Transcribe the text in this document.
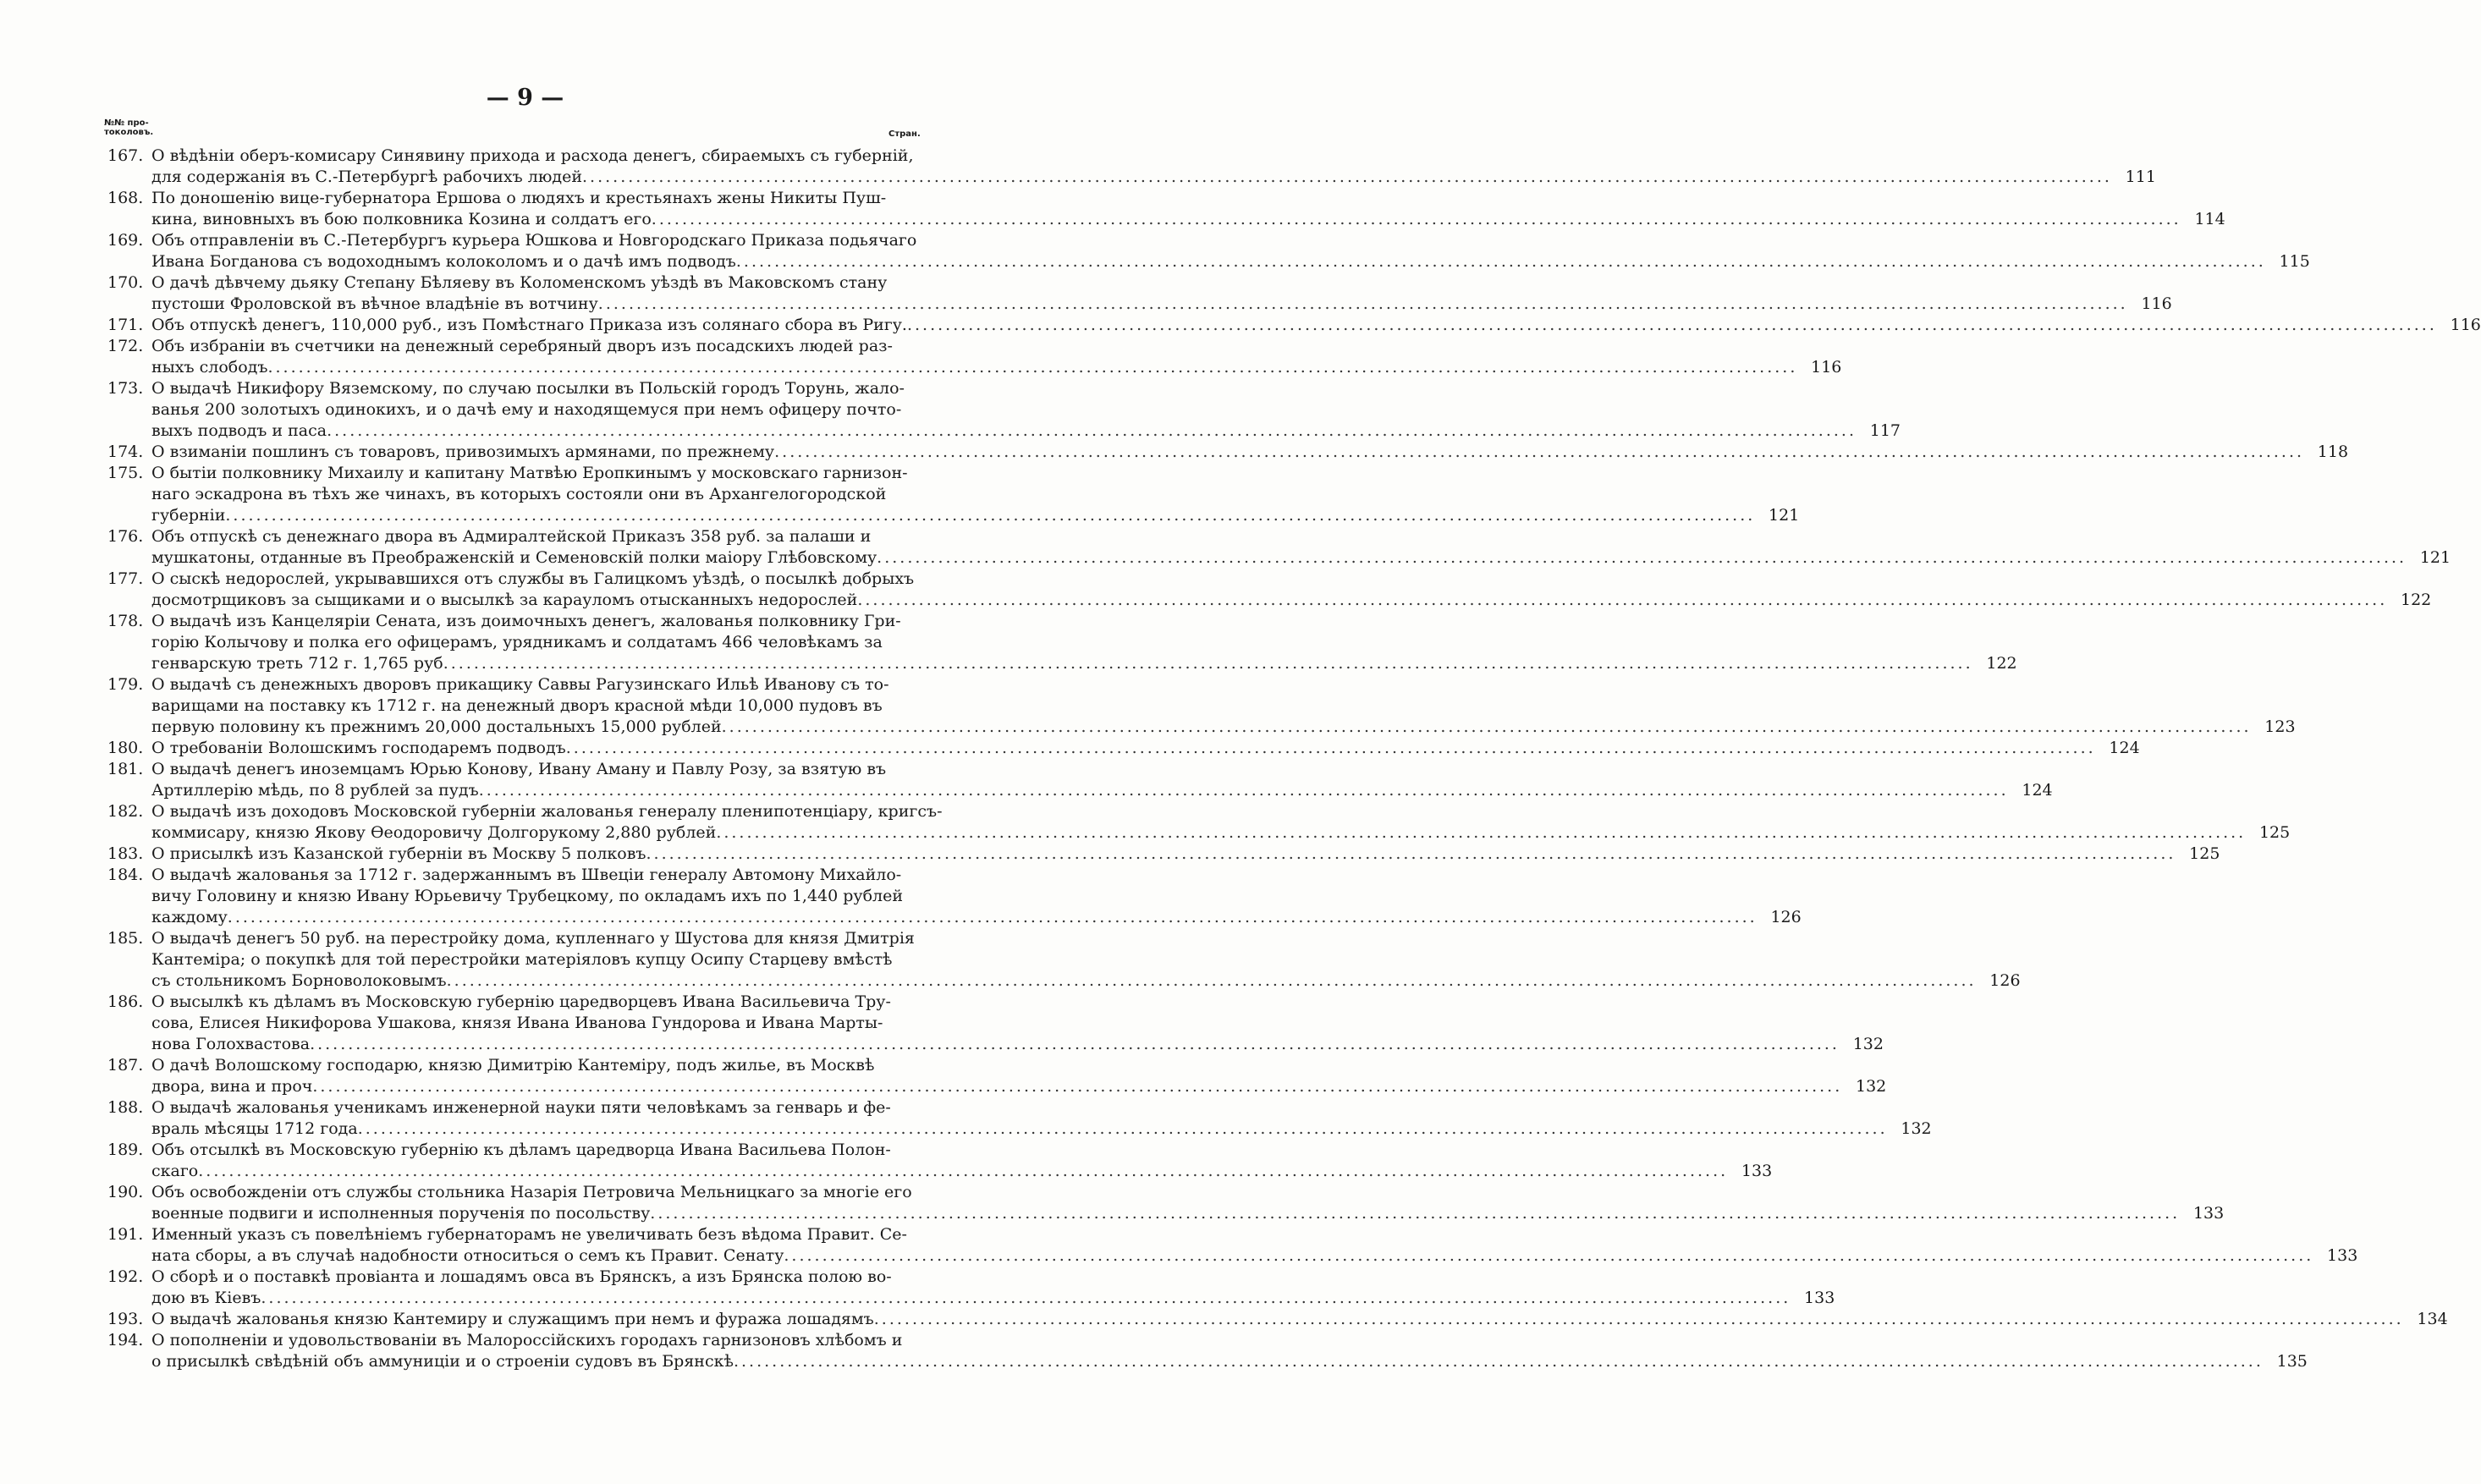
— 9 —
№№ про-
токоловъ.	Стран.
167. О вѣдѣніи оберъ-комисару Синявину прихода и расхода денегъ, сбираемыхъ съ губерній,
для содержанія въ С.-Петербургѣ рабочихъ людей ........................................................................................................................................................................................................ 111
168. По доношенію вице-губернатора Ершова о людяхъ и крестьянахъ жены Никиты Пуш-
кина, виновныхъ въ бою полковника Козина и солдатъ его ........................................................................................................................................................................................................ 114
169. Объ отправленіи въ С.-Петербургъ курьера Юшкова и Новгородскаго Приказа подьячаго
Ивана Богданова съ водоходнымъ колоколомъ и о дачѣ имъ подводъ ........................................................................................................................................................................................................ 115
170. О дачѣ дѣвчему дьяку Степану Бѣляеву въ Коломенскомъ уѣздѣ въ Маковскомъ стану
пустоши Фроловской въ вѣчное владѣніе въ вотчину ........................................................................................................................................................................................................ 116
171. Объ отпускѣ денегъ, 110,000 руб., изъ Помѣстнаго Приказа изъ солянаго сбора въ Ригу. ........................................................................................................................................................................................................ 116
172. Объ избраніи въ счетчики на денежный серебряный дворъ изъ посадскихъ людей раз-
ныхъ слободъ ........................................................................................................................................................................................................ 116
173. О выдачѣ Никифору Вяземскому, по случаю посылки въ Польскій городъ Торунь, жало-
ванья 200 золотыхъ одинокихъ, и о дачѣ ему и находящемуся при немъ офицеру почто-
выхъ подводъ и паса ........................................................................................................................................................................................................ 117
174. О взиманіи пошлинъ съ товаровъ, привозимыхъ армянами, по прежнему ........................................................................................................................................................................................................ 118
175. О бытіи полковнику Михаилу и капитану Матвѣю Еропкинымъ у московскаго гарнизон-
наго эскадрона въ тѣхъ же чинахъ, въ которыхъ состояли они въ Архангелогородской
губерніи ........................................................................................................................................................................................................ 121
176. Объ отпускѣ съ денежнаго двора въ Адмиралтейской Приказъ 358 руб. за палаши и
мушкатоны, отданные въ Преображенскій и Семеновскій полки маіору Глѣбовскому ........................................................................................................................................................................................................ 121
177. О сыскѣ недорослей, укрывавшихся отъ службы въ Галицкомъ уѣздѣ, о посылкѣ добрыхъ
досмотрщиковъ за сыщиками и о высылкѣ за карауломъ отысканныхъ недорослей ........................................................................................................................................................................................................ 122
178. О выдачѣ изъ Канцеляріи Сената, изъ доимочныхъ денегъ, жалованья полковнику Гри-
горію Колычову и полка его офицерамъ, урядникамъ и солдатамъ 466 человѣкамъ за
генварскую треть 712 г. 1,765 руб ........................................................................................................................................................................................................ 122
179. О выдачѣ съ денежныхъ дворовъ прикащику Саввы Рагузинскаго Ильѣ Иванову съ то-
варищами на поставку къ 1712 г. на денежный дворъ красной мѣди 10,000 пудовъ въ
первую половину къ прежнимъ 20,000 достальныхъ 15,000 рублей ........................................................................................................................................................................................................ 123
180. О требованіи Волошскимъ господаремъ подводъ ........................................................................................................................................................................................................ 124
181. О выдачѣ денегъ иноземцамъ Юрью Конову, Ивану Аману и Павлу Розу, за взятую въ
Артиллерію мѣдь, по 8 рублей за пудъ ........................................................................................................................................................................................................ 124
182. О выдачѣ изъ доходовъ Московской губерніи жалованья генералу пленипотенціару, кригсъ-
коммисару, князю Якову Өеодоровичу Долгорукому 2,880 рублей ........................................................................................................................................................................................................ 125
183. О присылкѣ изъ Казанской губерніи въ Москву 5 полковъ ........................................................................................................................................................................................................ 125
184. О выдачѣ жалованья за 1712 г. задержаннымъ въ Швеціи генералу Автомону Михайло-
вичу Головину и князю Ивану Юрьевичу Трубецкому, по окладамъ ихъ по 1,440 рублей
каждому ........................................................................................................................................................................................................ 126
185. О выдачѣ денегъ 50 руб. на перестройку дома, купленнаго у Шустова для князя Дмитрія
Кантеміра; о покупкѣ для той перестройки матеріяловъ купцу Осипу Старцеву вмѣстѣ
съ стольникомъ Борноволоковымъ ........................................................................................................................................................................................................ 126
186. О высылкѣ къ дѣламъ въ Московскую губернію царедворцевъ Ивана Васильевича Тру-
сова, Елисея Никифорова Ушакова, князя Ивана Иванова Гундорова и Ивана Марты-
нова Голохвастова ........................................................................................................................................................................................................ 132
187. О дачѣ Волошскому господарю, князю Димитрію Кантеміру, подъ жилье, въ Москвѣ
двора, вина и проч ........................................................................................................................................................................................................ 132
188. О выдачѣ жалованья ученикамъ инженерной науки пяти человѣкамъ за генварь и фе-
враль мѣсяцы 1712 года ........................................................................................................................................................................................................ 132
189. Объ отсылкѣ въ Московскую губернію къ дѣламъ царедворца Ивана Васильева Полон-
скаго ........................................................................................................................................................................................................ 133
190. Объ освобожденіи отъ службы стольника Назарія Петровича Мельницкаго за многіе его
военные подвиги и исполненныя порученія по посольству ........................................................................................................................................................................................................ 133
191. Именный указъ съ повелѣніемъ губернаторамъ не увеличивать безъ вѣдома Правит. Се-
ната сборы, а въ случаѣ надобности относиться о семъ къ Правит. Сенату ........................................................................................................................................................................................................ 133
192. О сборѣ и о поставкѣ провіанта и лошадямъ овса въ Брянскъ, а изъ Брянска полою во-
дою въ Кіевъ ........................................................................................................................................................................................................ 133
193. О выдачѣ жалованья князю Кантемиру и служащимъ при немъ и фуража лошадямъ ........................................................................................................................................................................................................ 134
194. О пополненіи и удовольствованіи въ Малороссійскихъ городахъ гарнизоновъ хлѣбомъ и
о присылкѣ свѣдѣній объ аммуниціи и о строеніи судовъ въ Брянскѣ ........................................................................................................................................................................................................ 135
